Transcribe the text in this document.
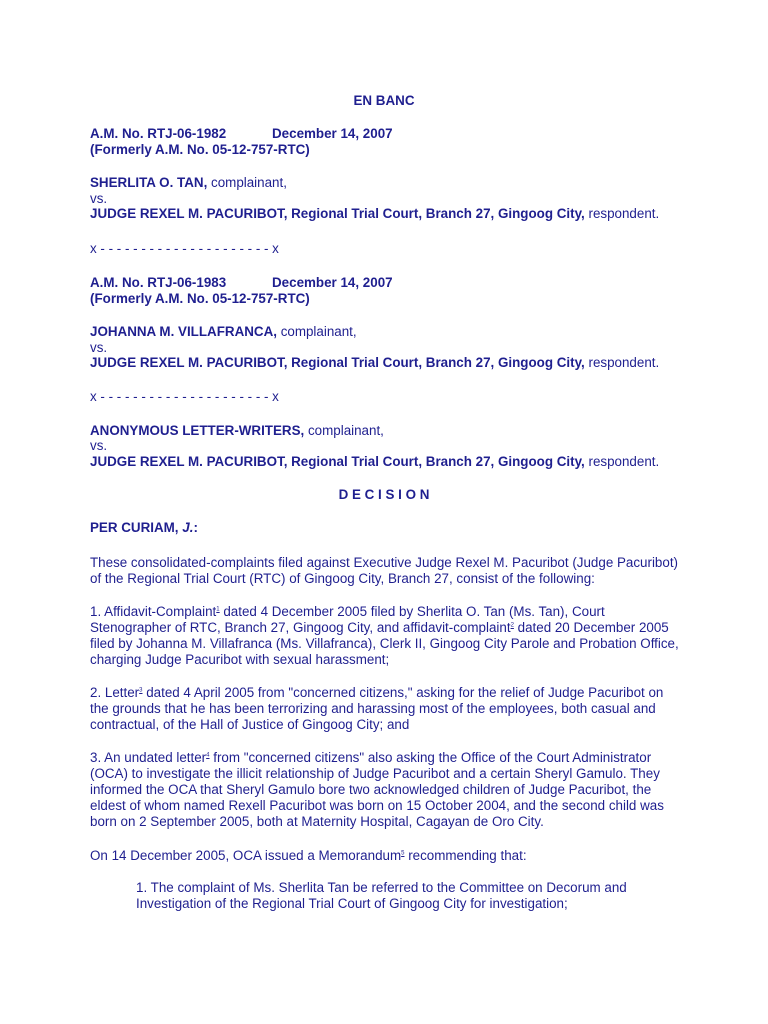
EN BANC
A.M. No. RTJ-06-1982	December 14, 2007
(Formerly A.M. No. 05-12-757-RTC)
SHERLITA O. TAN, complainant,
vs.
JUDGE REXEL M. PACURIBOT, Regional Trial Court, Branch 27, Gingoog City, respondent.
x - - - - - - - - - - - - - - - - - - - - - x
A.M. No. RTJ-06-1983	December 14, 2007
(Formerly A.M. No. 05-12-757-RTC)
JOHANNA M. VILLAFRANCA, complainant,
vs.
JUDGE REXEL M. PACURIBOT, Regional Trial Court, Branch 27, Gingoog City, respondent.
x - - - - - - - - - - - - - - - - - - - - - x
ANONYMOUS LETTER-WRITERS, complainant,
vs.
JUDGE REXEL M. PACURIBOT, Regional Trial Court, Branch 27, Gingoog City, respondent.
D E C I S I O N
PER CURIAM, J.:
These consolidated-complaints filed against Executive Judge Rexel M. Pacuribot (Judge Pacuribot)
of the Regional Trial Court (RTC) of Gingoog City, Branch 27, consist of the following:
1. Affidavit-Complaint$^1$ dated 4 December 2005 filed by Sherlita O. Tan (Ms. Tan), Court
Stenographer of RTC, Branch 27, Gingoog City, and affidavit-complaint$^2$ dated 20 December 2005
filed by Johanna M. Villafranca (Ms. Villafranca), Clerk II, Gingoog City Parole and Probation Office,
charging Judge Pacuribot with sexual harassment;
2. Letter$^3$ dated 4 April 2005 from "concerned citizens," asking for the relief of Judge Pacuribot on
the grounds that he has been terrorizing and harassing most of the employees, both casual and
contractual, of the Hall of Justice of Gingoog City; and
3. An undated letter$^4$ from "concerned citizens" also asking the Office of the Court Administrator
(OCA) to investigate the illicit relationship of Judge Pacuribot and a certain Sheryl Gamulo. They
informed the OCA that Sheryl Gamulo bore two acknowledged children of Judge Pacuribot, the
eldest of whom named Rexell Pacuribot was born on 15 October 2004, and the second child was
born on 2 September 2005, both at Maternity Hospital, Cagayan de Oro City.
On 14 December 2005, OCA issued a Memorandum$^5$ recommending that:
1. The complaint of Ms. Sherlita Tan be referred to the Committee on Decorum and
Investigation of the Regional Trial Court of Gingoog City for investigation;
